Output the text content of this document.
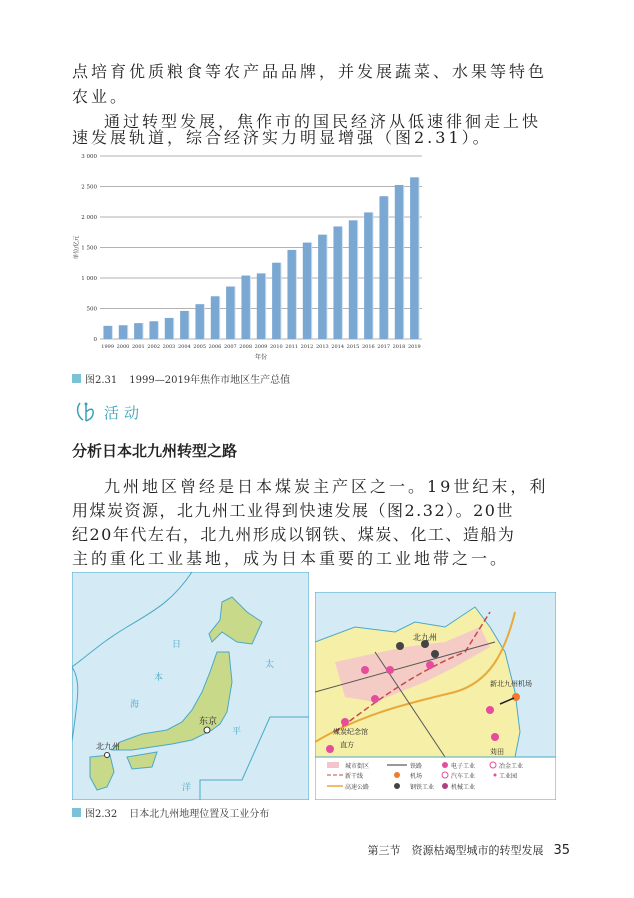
点培育优质粮食等农产品品牌，并发展蔬菜、水果等特色
农业。
通过转型发展，焦作市的国民经济从低速徘徊走上快
速发展轨道，综合经济实力明显增强（图2.31）。
0
500
1 000
1 500
2 000
2 500
3 000
1999 2000 2001 2002 2003 2004 2005 2006 2007 2008 2009 2010 2011 2012 2013 2014 2015 2016 2017 2018 2019
年份
单位/亿元
图2.31 1999—2019年焦作市地区生产总值
活动
分析日本北九州转型之路
九州地区曾经是日本煤炭主产区之一。19世纪末，利
用煤炭资源，北九州工业得到快速发展（图2.32）。20世
纪20年代左右，北九州形成以钢铁、煤炭、化工、造船为
主的重化工业基地，成为日本重要的工业地带之一。
日
本
海
太
平
洋
东京
北九州
北九州
新北九州机场
煤炭纪念馆
直方
苅田
城市街区	铁路	电子工业	冶金工业
新干线	机场	汽车工业	工业园
高速公路	钢铁工业	机械工业
图2.32 日本北九州地理位置及工业分布
第三节　资源枯竭型城市的转型发展 35
